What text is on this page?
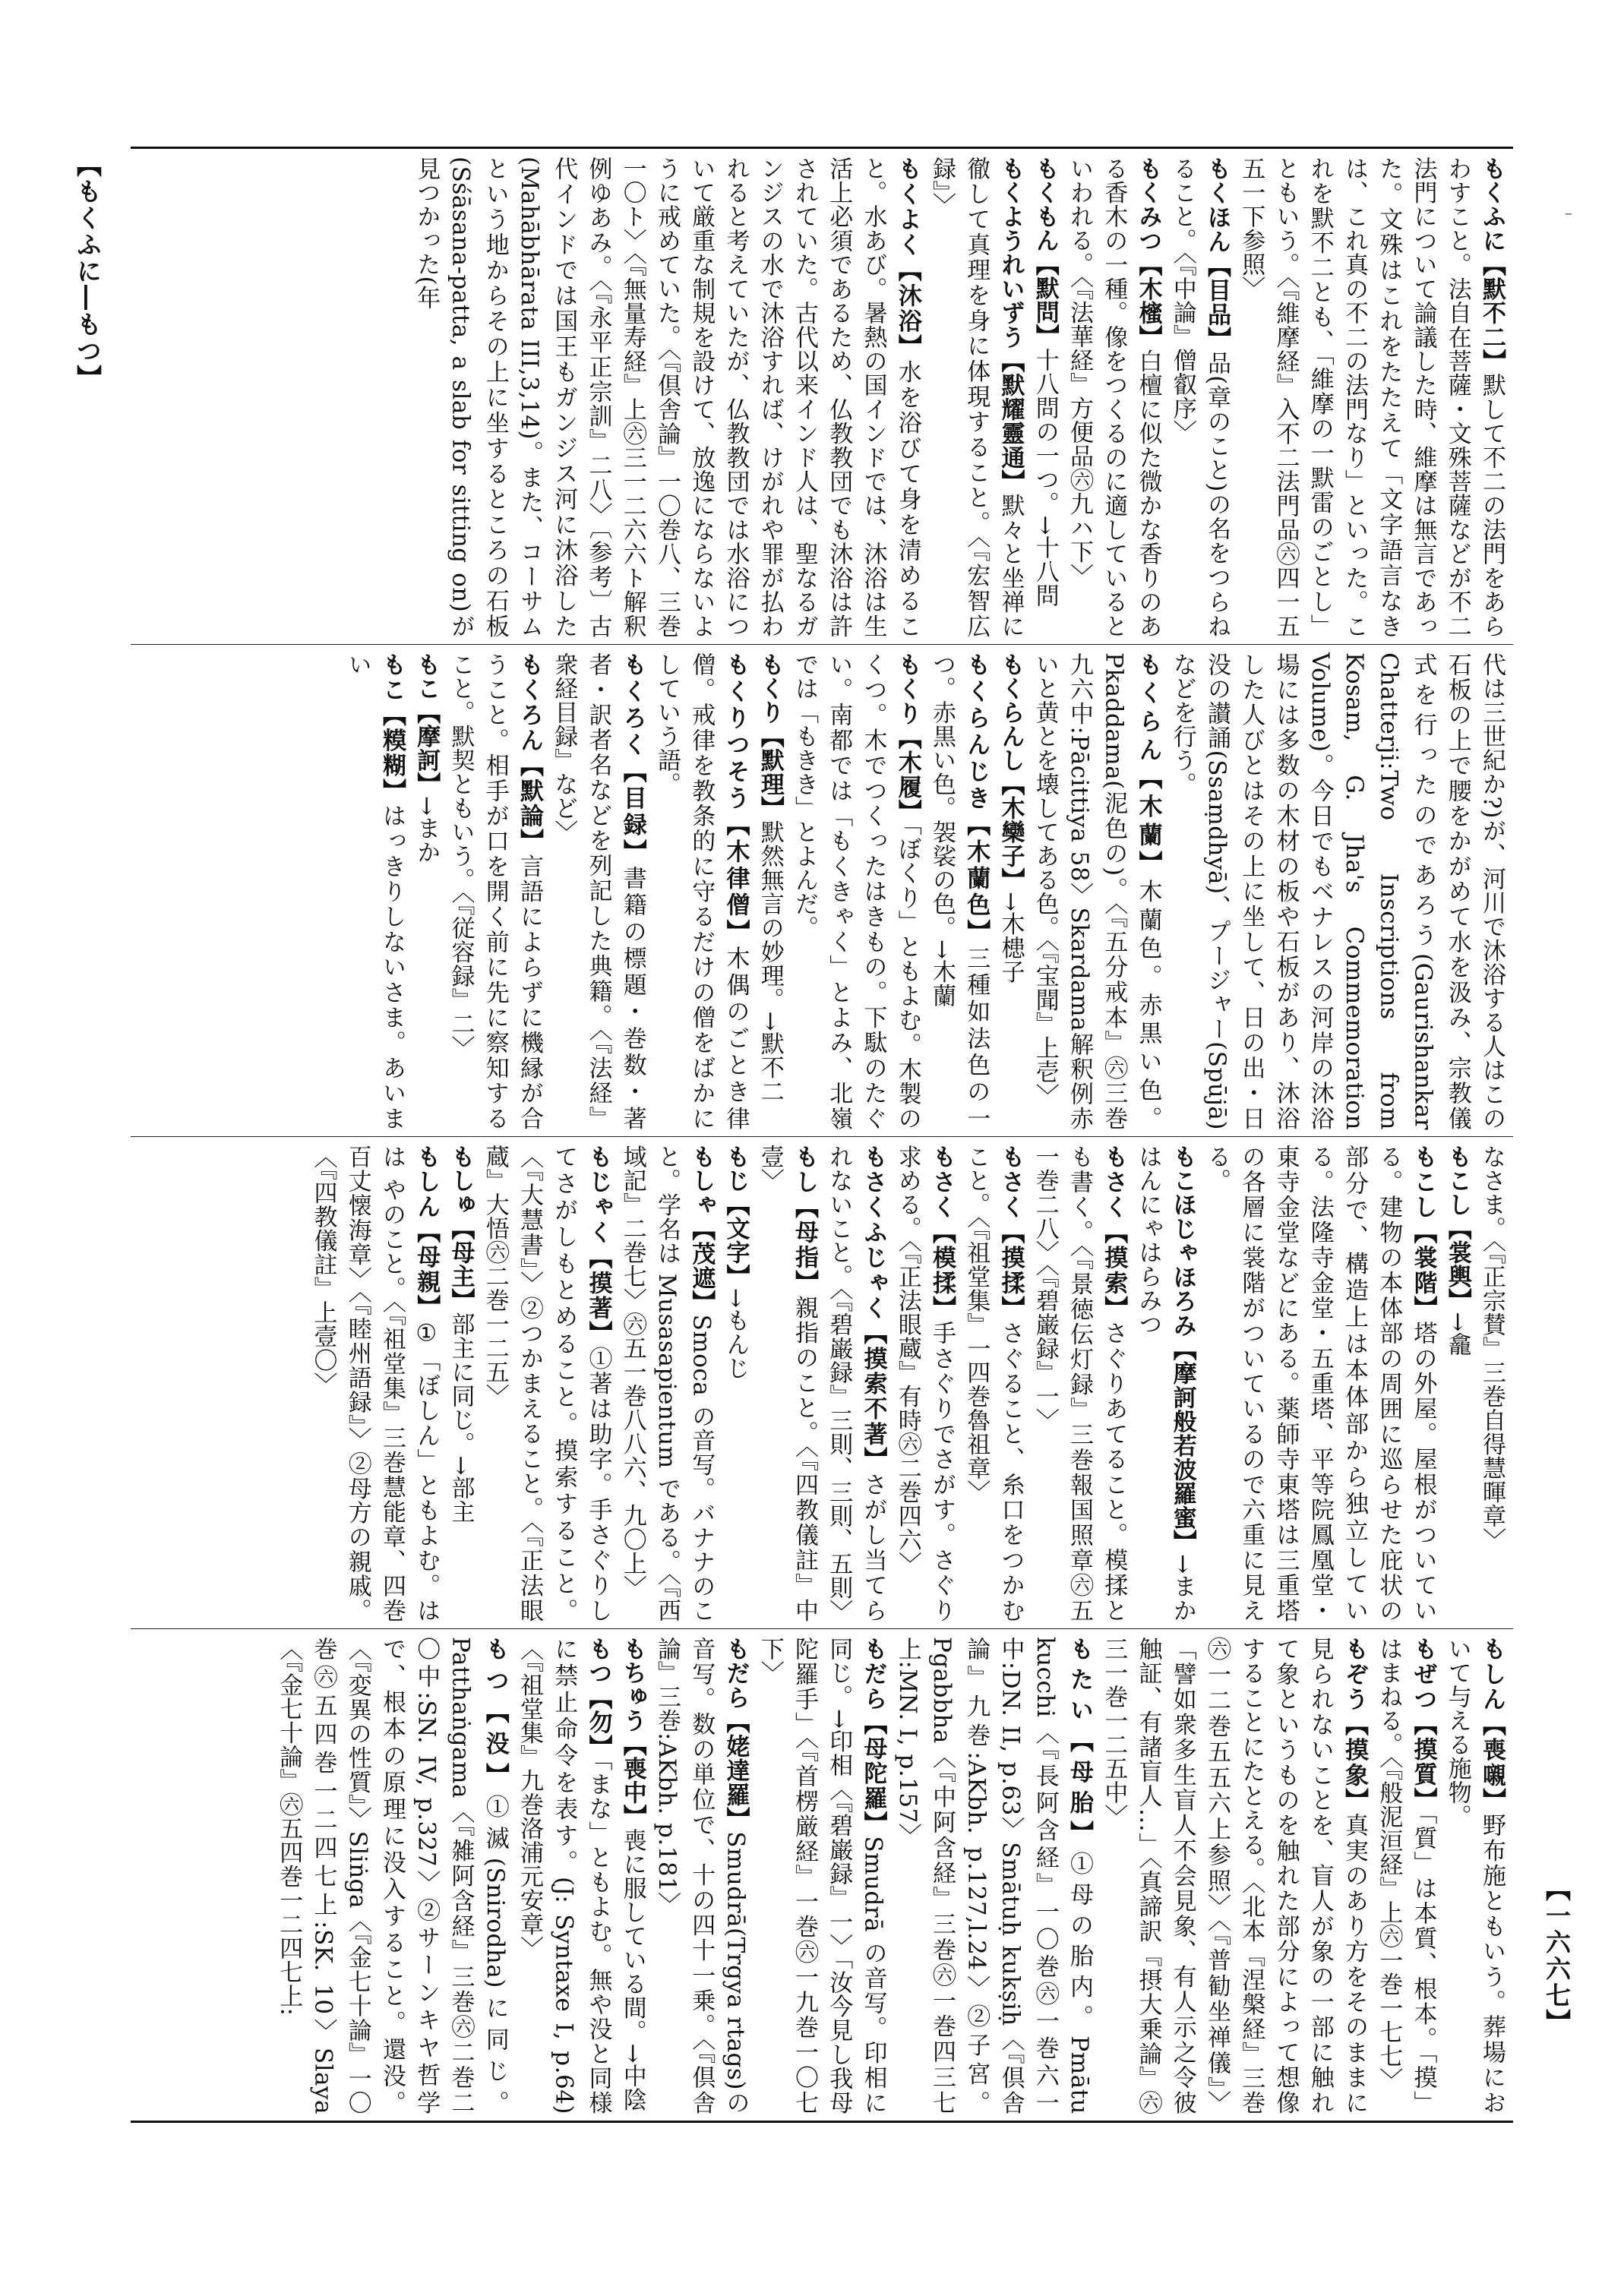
【もくふに―もつ】
【一六六七】
–

もくふに【默不二】默して不二の法門をあらわすこと。法自在菩薩・文殊菩薩などが不二法門について論議した時、維摩は無言であった。文殊はこれをたたえて「文字語言なきは、これ真の不二の法門なり」といった。これを默不二とも、「維摩の一默雷のごとし」ともいう。〈『維摩経』入不二法門品㊅四一五五一下参照〉

もくほん【目品】品(章のこと)の名をつらねること。〈『中論』僧叡序〉

もくみつ【木櫁】白檀に似た微かな香りのある香木の一種。像をつくるのに適しているといわれる。〈『法華経』方便品㊅九ハ下〉

もくもん【默問】十八問の一つ。→十八問

もくようれいずう【默耀靈通】默々と坐禅に徹して真理を身に体現すること。〈『宏智広録』〉

もくよく【沐浴】水を浴びて身を清めること。水あび。暑熱の国インドでは、沐浴は生活上必須であるため、仏教教団でも沐浴は許されていた。古代以来インド人は、聖なるガンジスの水で沐浴すれば、けがれや罪が払われると考えていたが、仏教教団では水浴について厳重な制規を設けて、放逸にならないように戒めていた。〈『倶舎論』一〇巻八、三巻一〇ト〉〈『無量寿経』上㊅三一二六六ト解釈例ゆあみ。〈『永平正宗訓』二八〉〔参考〕古代インドでは国王もガンジス河に沐浴した(Mahābhārata III,3,14)。また、コーサムという地からその上に坐するところの石板(Sśāsana-patta, a slab for sitting on)が見つかった(年

代は三世紀か?)が、河川で沐浴する人はこの石板の上で腰をかがめて水を汲み、宗教儀式を行ったのであろう(Gaurishankar Chatterji:Two Inscriptions from Kosam, G. Jha's Commemoration Volume)。今日でもベナレスの河岸の沐浴場には多数の木材の板や石板があり、沐浴した人びとはその上に坐して、日の出・日没の讃誦(Ssaṃdhyā)、プージャー(Spūjā)などを行う。

もくらん【木蘭】木蘭色。赤黒い色。Pkaddama(泥色の)。〈『五分戒本』㊅三巻九六中:Pācittiya 58〉Skardama解釈例赤いと黄とを壊してある色。〈『宝聞』上壱〉

もくらんし【木欒子】→木槵子

もくらんじき【木蘭色】三種如法色の一つ。赤黒い色。袈裟の色。→木蘭

もくり【木履】「ぼくり」ともよむ。木製のくつ。木でつくったはきもの。下駄のたぐい。南都では「もくきゃく」とよみ、北嶺では「もきき」とよんだ。

もくり【默理】默然無言の妙理。→默不二

もくりつそう【木律僧】木偶のごとき律僧。戒律を教条的に守るだけの僧をばかにしていう語。

もくろく【目録】書籍の標題・巻数・著者・訳者名などを列記した典籍。〈『法経』衆経目録』など〉

もくろん【默論】言語によらずに機縁が合うこと。相手が口を開く前に先に察知すること。默契ともいう。〈『従容録』二〉

もこ【摩訶】→まか

もこ【糢糊】はっきりしないさま。あいまい

なさま。〈『正宗賛』三巻自得慧暉章〉

もこし【裳輿】→龕

もこし【裳階】塔の外屋。屋根がついている。建物の本体部の周囲に巡らせた庇状の部分で、構造上は本体部から独立している。法隆寺金堂・五重塔、平等院鳳凰堂・東寺金堂などにある。薬師寺東塔は三重塔の各層に裳階がついているので六重に見える。

もこほじゃほろみ【摩訶般若波羅蜜】→まかはんにゃはらみつ

もさく【摸索】さぐりあてること。模揉とも書く。〈『景徳伝灯録』三巻報国照章㊅五一巻二八〉〈『碧巌録』一〉

もさく【摸揉】さぐること、糸口をつかむこと。〈『祖堂集』一四巻魯祖章〉

もさく【模揉】手さぐりでさがす。さぐり求める。〈『正法眼蔵』有時㊅二巻四六〉

もさくふじゃく【摸索不著】さがし当てられないこと。〈『碧巌録』三則、三則、五則〉

もし【母指】親指のこと。〈『四教儀註』中壹〉

もじ【文字】→もんじ

もしゃ【茂遮】Smoca の音写。バナナのこと。学名は Musasapientum である。〈『西域記』二巻七〉㊅五一巻八八六、九〇上〉

もじゃく【摸著】①著は助字。手さぐりしてさがしもとめること。摸索すること。〈『大慧書』〉②つかまえること。〈『正法眼蔵』大悟㊅二巻一二五〉

もしゅ【母主】部主に同じ。→部主

もしん【母親】①「ぼしん」ともよむ。はは やのこと。〈『祖堂集』三巻慧能章、四巻百丈懐海章〉〈『睦州語録』〉②母方の親戚。〈『四教儀註』上壹〇〉

もしん【喪嚫】野布施ともいう。葬場において与える施物。

もぜつ【摸質】「質」は本質、根本。「摸」はまねる。〈『般泥洹経』上㊅一巻一七七〉

もぞう【摸象】真実のあり方をそのままに見られないことを、盲人が象の一部に触れて象というものを触れた部分によって想像することにたとえる。〈北本『涅槃経』三巻㊅一二巻五五六上参照〉〈『普勧坐禅儀』〉「譬如衆多生盲人不会見象、有人示之令彼触証、有諸盲人…」〈真諦訳『摂大乗論』㊅三一巻一二五中〉

もたい【母胎】①母の胎内。Pmātu kucchi〈『長阿含経』一〇巻㊅一巻六一中:DN. II, p.63〉Smātuḥ kukṣiḥ〈『倶舎論』九巻:AKbh. p.127,l.24〉②子宮。Pgabbha〈『中阿含経』三巻㊅一巻四三七上:MN. I, p.157〉

もだら【母陀羅】Smudrā の音写。印相に同じ。→印相〈『碧巌録』一〉「汝今見し我母陀羅手」〈『首楞厳経』一巻㊅一九巻一〇七下〉

もだら【姥達羅】Smudrā(Trgya rtags)の音写。数の単位で、十の四十一乗。〈『倶舎論』三巻:AKbh. p.181〉

もちゅう【喪中】喪に服している間。→中陰

もつ【勿】「まな」ともよむ。無や没と同様に禁止命令を表す。(J: Syntaxe I, p.64)〈『祖堂集』九巻洛浦元安章〉

もつ【没】①滅(Snirodha)に同じ。Patthaṅgama〈『雑阿含経』三巻㊅二巻二〇中:SN. IV, p.327〉②サーンキヤ哲学で、根本の原理に没入すること。還没。〈『変異の性質』〉Sliṅga〈『金七十論』一〇巻㊅五四巻一二四七上:SK. 10〉Slaya〈『金七十論』㊅五四巻一二四七上:
